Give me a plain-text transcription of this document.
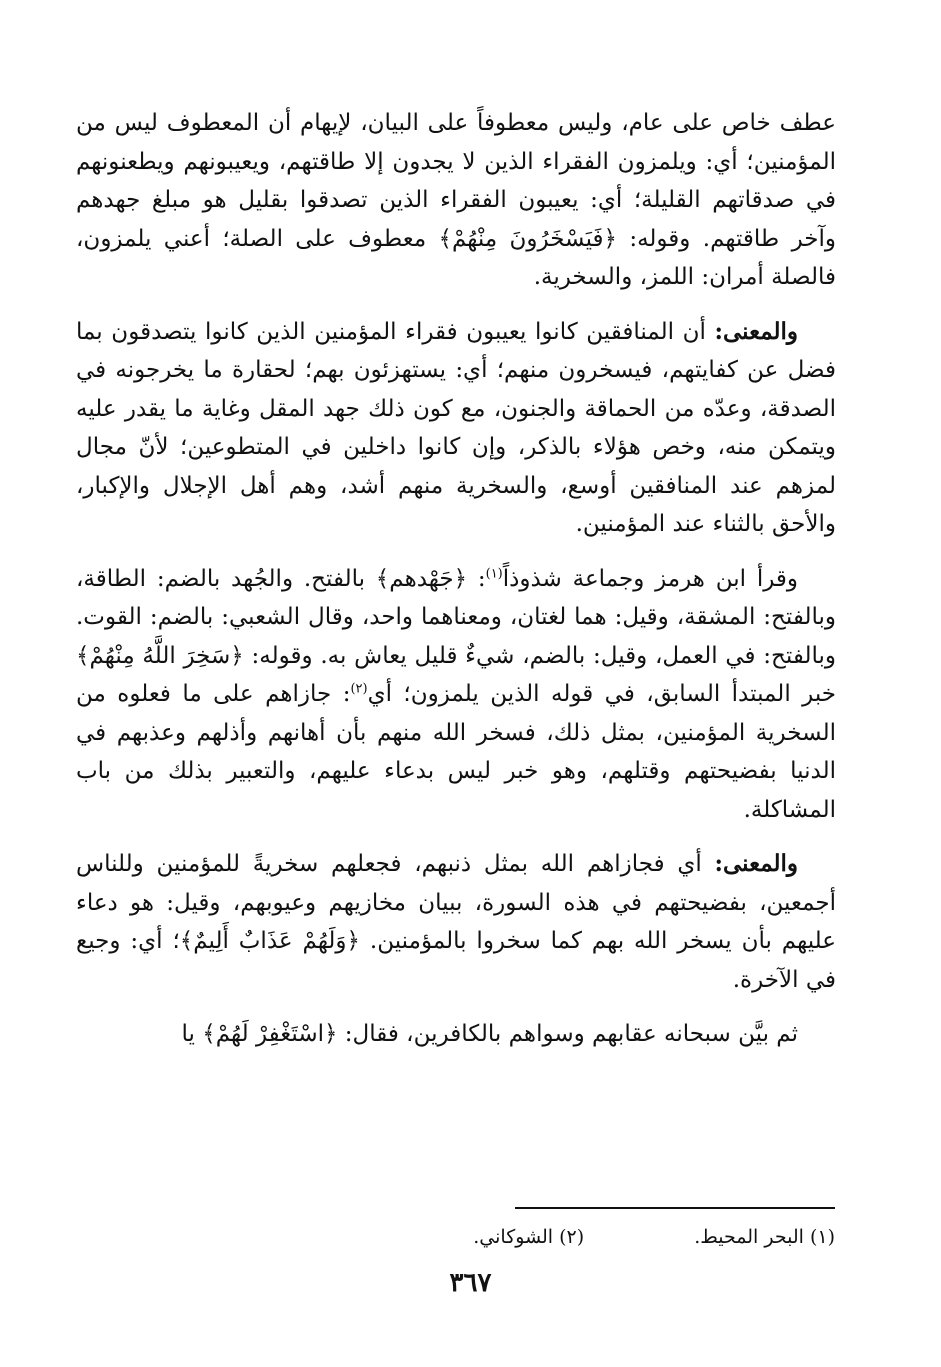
عطف خاص على عام، وليس معطوفاً على البيان، لإيهام أن المعطوف ليس من المؤمنين؛ أي: ويلمزون الفقراء الذين لا يجدون إلا طاقتهم، ويعيبونهم ويطعنونهم في صدقاتهم القليلة؛ أي: يعيبون الفقراء الذين تصدقوا بقليل هو مبلغ جهدهم وآخر طاقتهم. وقوله: ﴿فَيَسْخَرُونَ مِنْهُمْ﴾ معطوف على الصلة؛ أعني يلمزون، فالصلة أمران: اللمز، والسخرية.

والمعنى: أن المنافقين كانوا يعيبون فقراء المؤمنين الذين كانوا يتصدقون بما فضل عن كفايتهم، فيسخرون منهم؛ أي: يستهزئون بهم؛ لحقارة ما يخرجونه في الصدقة، وعدّه من الحماقة والجنون، مع كون ذلك جهد المقل وغاية ما يقدر عليه ويتمكن منه، وخص هؤلاء بالذكر، وإن كانوا داخلين في المتطوعين؛ لأنّ مجال لمزهم عند المنافقين أوسع، والسخرية منهم أشد، وهم أهل الإجلال والإكبار، والأحق بالثناء عند المؤمنين.

وقرأ ابن هرمز وجماعة شذوذاً$^{(١)}$: ﴿جَهْدهم﴾ بالفتح. والجُهد بالضم: الطاقة، وبالفتح: المشقة، وقيل: هما لغتان، ومعناهما واحد، وقال الشعبي: بالضم: القوت. وبالفتح: في العمل، وقيل: بالضم، شيءٌ قليل يعاش به. وقوله: ﴿سَخِرَ اللَّهُ مِنْهُمْ﴾ خبر المبتدأ السابق، في قوله الذين يلمزون؛ أي$^{(٢)}$: جازاهم على ما فعلوه من السخرية المؤمنين، بمثل ذلك، فسخر الله منهم بأن أهانهم وأذلهم وعذبهم في الدنيا بفضيحتهم وقتلهم، وهو خبر ليس بدعاء عليهم، والتعبير بذلك من باب المشاكلة.

والمعنى: أي فجازاهم الله بمثل ذنبهم، فجعلهم سخريةً للمؤمنين وللناس أجمعين، بفضيحتهم في هذه السورة، ببيان مخازيهم وعيوبهم، وقيل: هو دعاء عليهم بأن يسخر الله بهم كما سخروا بالمؤمنين. ﴿وَلَهُمْ عَذَابٌ أَلِيمٌ﴾؛ أي: وجيع في الآخرة.

ثم بيَّن سبحانه عقابهم وسواهم بالكافرين، فقال: ﴿اسْتَغْفِرْ لَهُمْ﴾ يا

(١) البحر المحيط.
(٢) الشوكاني.
٣٦٧
